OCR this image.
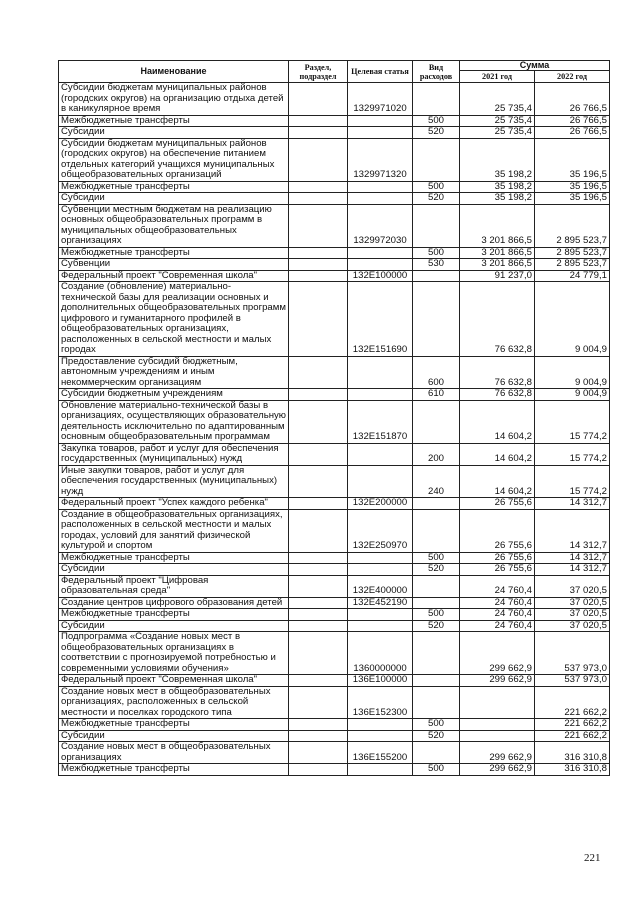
Наименование	Раздел, подраздел	Целевая статья	Вид расходов	Сумма	
				2021 год	2022 год
Субсидии бюджетам муниципальных районов (городских округов) на организацию отдыха детей в каникулярное время		1329971020		25 735,4	26 766,5
Межбюджетные трансферты			500	25 735,4	26 766,5
Субсидии			520	25 735,4	26 766,5
Субсидии бюджетам муниципальных районов (городских округов) на обеспечение питанием отдельных категорий учащихся муниципальных общеобразовательных организаций		1329971320		35 198,2	35 196,5
Межбюджетные трансферты			500	35 198,2	35 196,5
Субсидии			520	35 198,2	35 196,5
Субвенции местным бюджетам на реализацию основных общеобразовательных программ в муниципальных общеобразовательных организациях		1329972030		3 201 866,5	2 895 523,7
Межбюджетные трансферты			500	3 201 866,5	2 895 523,7
Субвенции			530	3 201 866,5	2 895 523,7
Федеральный проект "Современная школа"		132E100000		91 237,0	24 779,1
Создание (обновление) материально-технической базы для реализации основных и дополнительных общеобразовательных программ цифрового и гуманитарного профилей в общеобразовательных организациях, расположенных в сельской местности и малых городах		132E151690		76 632,8	9 004,9
Предоставление субсидий бюджетным, автономным учреждениям и иным некоммерческим организациям			600	76 632,8	9 004,9
Субсидии бюджетным учреждениям			610	76 632,8	9 004,9
Обновление материально-технической базы в организациях, осуществляющих образовательную деятельность исключительно по адаптированным основным общеобразовательным программам		132E151870		14 604,2	15 774,2
Закупка товаров, работ и услуг для обеспечения государственных (муниципальных) нужд			200	14 604,2	15 774,2
Иные закупки товаров, работ и услуг для обеспечения государственных (муниципальных) нужд			240	14 604,2	15 774,2
Федеральный проект "Успех каждого ребенка"		132E200000		26 755,6	14 312,7
Создание в общеобразовательных организациях, расположенных в сельской местности и малых городах, условий для занятий физической культурой и спортом		132E250970		26 755,6	14 312,7
Межбюджетные трансферты			500	26 755,6	14 312,7
Субсидии			520	26 755,6	14 312,7
Федеральный проект "Цифровая образовательная среда"		132E400000		24 760,4	37 020,5
Создание центров цифрового образования детей		132E452190		24 760,4	37 020,5
Межбюджетные трансферты			500	24 760,4	37 020,5
Субсидии			520	24 760,4	37 020,5
Подпрограмма «Создание новых мест в общеобразовательных организациях в соответствии с прогнозируемой потребностью и современными условиями обучения»		1360000000		299 662,9	537 973,0
Федеральный проект "Современная школа"		136E100000		299 662,9	537 973,0
Создание новых мест в общеобразовательных организациях, расположенных в сельской местности и поселках городского типа		136E152300			221 662,2
Межбюджетные трансферты			500		221 662,2
Субсидии			520		221 662,2
Создание новых мест в общеобразовательных организациях		136E155200		299 662,9	316 310,8
Межбюджетные трансферты			500	299 662,9	316 310,8
221
